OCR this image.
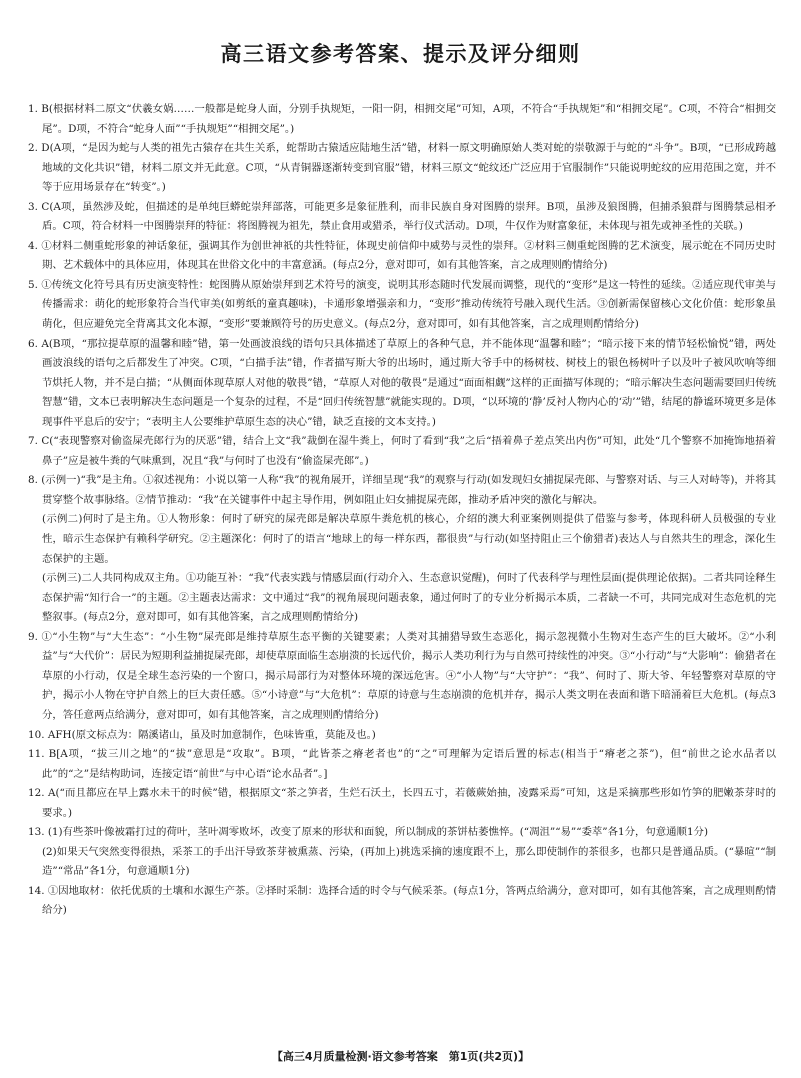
高三语文参考答案、提示及评分细则

1. B(根据材料二原文“伏羲女娲……一般都是蛇身人面，分别手执规矩，一阳一阴，相拥交尾”可知，A项，不符合“手执规矩”和“相拥交尾”。C项，不符合“相拥交尾”。D项，不符合“蛇身人面”“手执规矩”“相拥交尾”。)

2. D(A项，“是因为蛇与人类的祖先古猿存在共生关系，蛇帮助古猿适应陆地生活”错，材料一原文明确原始人类对蛇的崇敬源于与蛇的“斗争”。B项，“已形成跨越地域的文化共识”错，材料二原文并无此意。C项，“从青铜器逐渐转变到官服”错，材料三原文“蛇纹还广泛应用于官服制作”只能说明蛇纹的应用范围之宽，并不等于应用场景存在“转变”。)

3. C(A项，虽然涉及蛇，但描述的是单纯巨蟒蛇崇拜部落，可能更多是象征胜利，而非民族自身对图腾的崇拜。B项，虽涉及狼图腾，但捕杀狼群与图腾禁忌相矛盾。C项，符合材料一中图腾崇拜的特征：将图腾视为祖先，禁止食用或猎杀，举行仪式活动。D项，牛仅作为财富象征，未体现与祖先或神圣性的关联。)

4. ①材料二侧重蛇形象的神话象征，强调其作为创世神祇的共性特征，体现史前信仰中威势与灵性的崇拜。②材料三侧重蛇图腾的艺术演变，展示蛇在不同历史时期、艺术载体中的具体应用，体现其在世俗文化中的丰富意涵。(每点2分，意对即可，如有其他答案，言之成理则酌情给分)

5. ①传统文化符号具有历史演变特性：蛇图腾从原始崇拜到艺术符号的演变，说明其形态随时代发展而调整，现代的“变形”是这一特性的延续。②适应现代审美与传播需求：萌化的蛇形象符合当代审美(如剪纸的童真趣味)，卡通形象增强亲和力，“变形”推动传统符号融入现代生活。③创新需保留核心文化价值：蛇形象虽萌化，但应避免完全背离其文化本源，“变形”要兼顾符号的历史意义。(每点2分，意对即可，如有其他答案，言之成理则酌情给分)

6. A(B项，“那拉提草原的温馨和睦”错，第一处画波浪线的语句只具体描述了草原上的各种气息，并不能体现“温馨和睦”；“暗示接下来的情节轻松愉悦”错，两处画波浪线的语句之后都发生了冲突。C项，“白描手法”错，作者描写斯大爷的出场时，通过斯大爷手中的杨树枝、树枝上的银色杨树叶子以及叶子被风吹响等细节烘托人物，并不是白描；“从侧面体现草原人对他的敬畏”错，“草原人对他的敬畏”是通过“面面相觑”这样的正面描写体现的；“暗示解决生态问题需要回归传统智慧”错，文本已表明解决生态问题是一个复杂的过程，不是“回归传统智慧”就能实现的。D项，“以环境的‘静’反衬人物内心的‘动’”错，结尾的静谧环境更多是体现事件平息后的安宁；“表明主人公要维护草原生态的决心”错，缺乏直接的文本支持。)

7. C(“表现警察对偷盗屎壳郎行为的厌恶”错，结合上文“我”裁倒在湿牛粪上，何时了看到“我”之后“捂着鼻子差点笑出内伤”可知，此处“几个警察不加掩饰地捂着鼻子”应是被牛粪的气味熏到，况且“我”与何时了也没有“偷盗屎壳郎”。)

8. (示例一)“我”是主角。①叙述视角：小说以第一人称“我”的视角展开，详细呈现“我”的观察与行动(如发现妇女捕捉屎壳郎、与警察对话、与三人对峙等)，并将其贯穿整个故事脉络。②情节推动：“我”在关键事件中起主导作用，例如阻止妇女捕捉屎壳郎，推动矛盾冲突的激化与解决。

(示例二)何时了是主角。①人物形象：何时了研究的屎壳郎是解决草原牛粪危机的核心，介绍的澳大利亚案例则提供了借鉴与参考，体现科研人员极强的专业性，暗示生态保护有赖科学研究。②主题深化：何时了的语言“地球上的每一样东西，都很贵”与行动(如坚持阻止三个偷猎者)表达人与自然共生的理念，深化生态保护的主题。

(示例三)二人共同构成双主角。①功能互补：“我”代表实践与情感层面(行动介入、生态意识觉醒)，何时了代表科学与理性层面(提供理论依据)。二者共同诠释生态保护需“知行合一”的主题。②主题表达需求：文中通过“我”的视角展现问题表象，通过何时了的专业分析揭示本质，二者缺一不可，共同完成对生态危机的完整叙事。(每点2分，意对即可，如有其他答案，言之成理则酌情给分)

9. ①“小生物”与“大生态”：“小生物”屎壳郎是维持草原生态平衡的关键要素；人类对其捕猎导致生态恶化，揭示忽视微小生物对生态产生的巨大破坏。②“小利益”与“大代价”：居民为短期利益捕捉屎壳郎，却使草原面临生态崩溃的长远代价，揭示人类功利行为与自然可持续性的冲突。③“小行动”与“大影响”：偷猎者在草原的小行动，仅是全球生态污染的一个窗口，揭示局部行为对整体环境的深远危害。④“小人物”与“大守护”：“我”、何时了、斯大爷、年轻警察对草原的守护，揭示小人物在守护自然上的巨大责任感。⑤“小诗意”与“大危机”：草原的诗意与生态崩溃的危机并存，揭示人类文明在表面和谐下暗涌着巨大危机。(每点3分，答任意两点给满分，意对即可，如有其他答案，言之成理则酌情给分)

10. AFH(原文标点为：隔溪诸山，虽及时加意制作，色味皆重，莫能及也。)

11. B[A项，“拔三川之地”的“拔”意思是“攻取”。B项，“此皆茶之瘠老者也”的“之”可理解为定语后置的标志(相当于“瘠老之茶”)，但“前世之论水品者以此”的“之”是结构助词，连接定语“前世”与中心语“论水品者”。]

12. A(“而且都应在早上露水未干的时候”错，根据原文“茶之笋者，生烂石沃土，长四五寸，若薇蕨始抽，凌露采焉”可知，这是采摘那些形如竹笋的肥嫩茶芽时的要求。)

13. (1)有些茶叶像被霜打过的荷叶，茎叶凋零败坏，改变了原来的形状和面貌，所以制成的茶饼枯萎憔悴。(“凋沮”“易”“委萃”各1分，句意通顺1分)

(2)如果天气突然变得很热，采茶工的手出汗导致茶芽被熏蒸、污染，(再加上)挑选采摘的速度跟不上，那么即使制作的茶很多，也都只是普通品质。(“暴暄”“制造”“常品”各1分，句意通顺1分)

14. ①因地取材：依托优质的土壤和水源生产茶。②择时采制：选择合适的时令与气候采茶。(每点1分，答两点给满分，意对即可，如有其他答案，言之成理则酌情给分)

【高三4月质量检测·语文参考答案　第1页(共2页)】
